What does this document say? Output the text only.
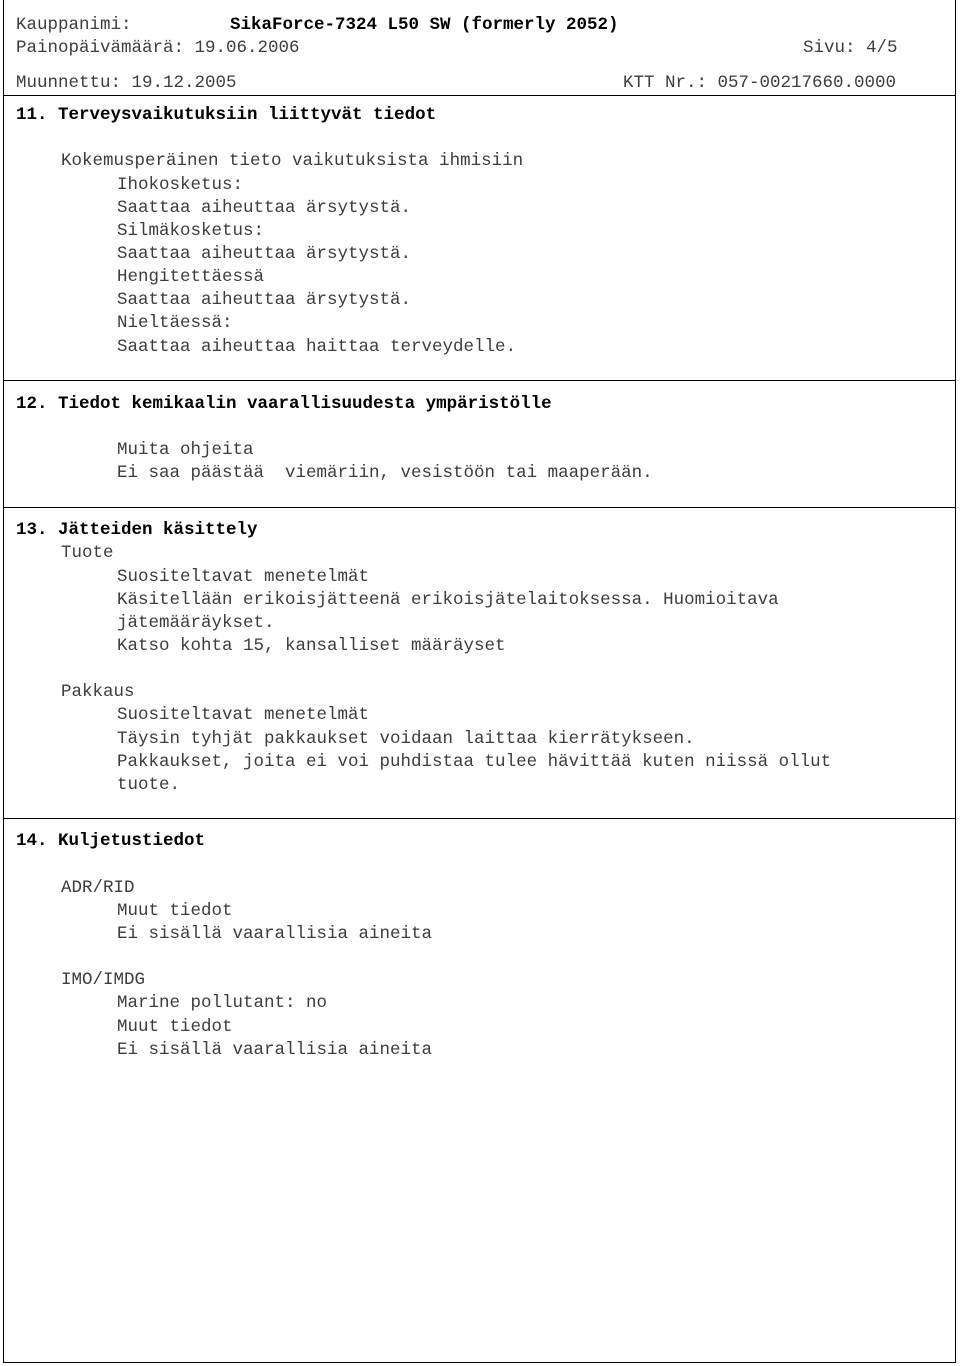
Kauppanimi:	SikaForce-7324 L50 SW (formerly 2052)
Painopäivämäärä: 19.06.2006	Sivu: 4/5
Muunnettu: 19.12.2005	KTT Nr.: 057-00217660.0000
11. Terveysvaikutuksiin liittyvät tiedot
Kokemusperäinen tieto vaikutuksista ihmisiin
Ihokosketus:
Saattaa aiheuttaa ärsytystä.
Silmäkosketus:
Saattaa aiheuttaa ärsytystä.
Hengitettäessä
Saattaa aiheuttaa ärsytystä.
Nieltäessä:
Saattaa aiheuttaa haittaa terveydelle.
12. Tiedot kemikaalin vaarallisuudesta ympäristölle
Muita ohjeita
Ei saa päästää  viemäriin, vesistöön tai maaperään.
13. Jätteiden käsittely
Tuote
Suositeltavat menetelmät
Käsitellään erikoisjätteenä erikoisjätelaitoksessa. Huomioitava
jätemääräykset.
Katso kohta 15, kansalliset määräyset
Pakkaus
Suositeltavat menetelmät
Täysin tyhjät pakkaukset voidaan laittaa kierrätykseen.
Pakkaukset, joita ei voi puhdistaa tulee hävittää kuten niissä ollut
tuote.
14. Kuljetustiedot
ADR/RID
Muut tiedot
Ei sisällä vaarallisia aineita
IMO/IMDG
Marine pollutant: no
Muut tiedot
Ei sisällä vaarallisia aineita
